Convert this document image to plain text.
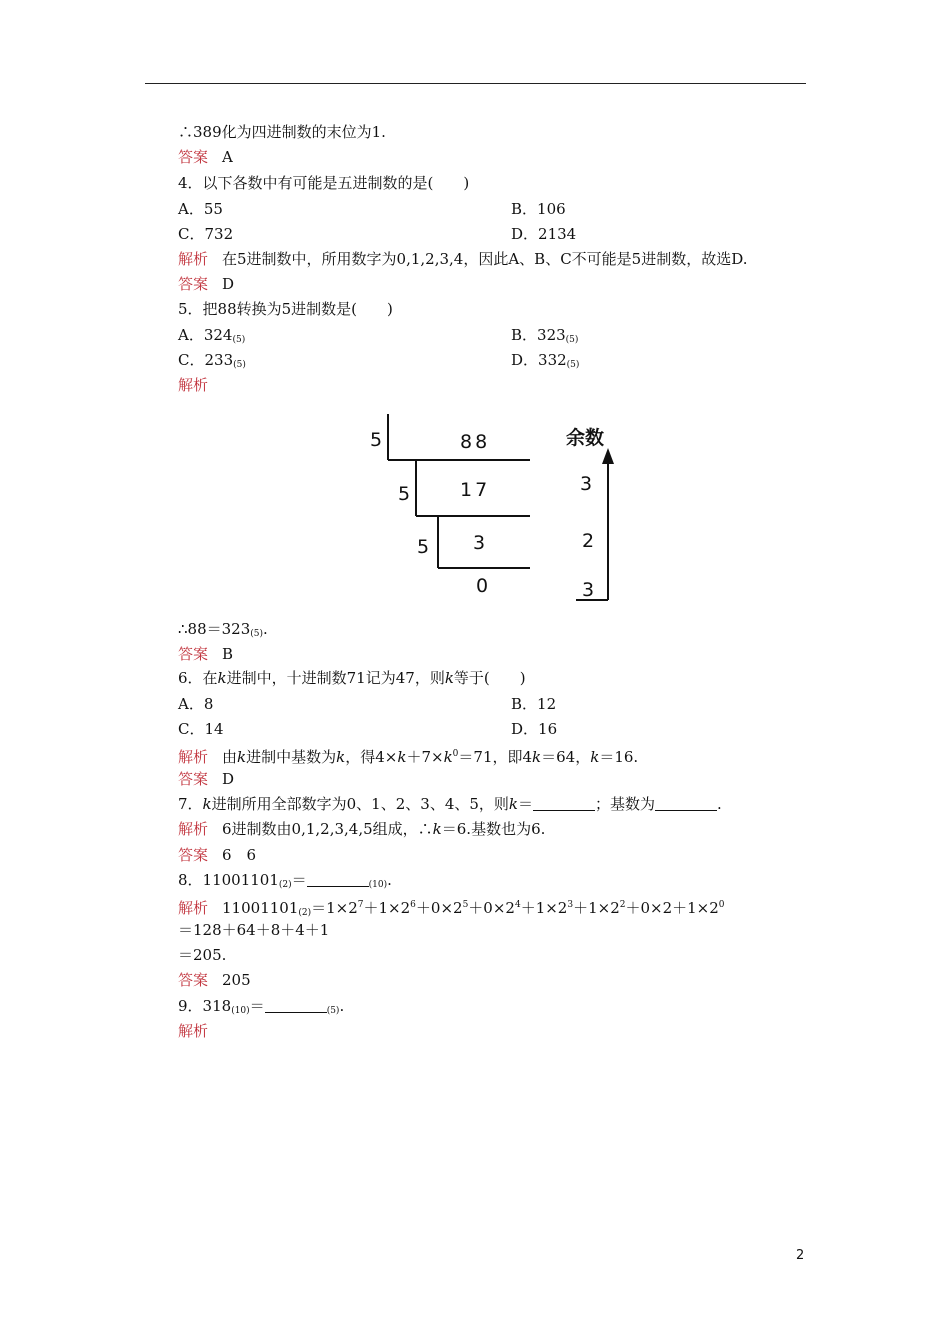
∴389化为四进制数的末位为1.
答案 A
4．以下各数中有可能是五进制数的是(　　)
A．55	B．106
C．732	D．2134
解析 在5进制数中，所用数字为0,1,2,3,4，因此A、B、C不可能是5进制数，故选D.
答案 D
5．把88转换为5进制数是(　　)
A．$324_{(5)}$	B．$323_{(5)}$
C．$233_{(5)}$	D．$332_{(5)}$
解析
5	88
5	17
5 3
0
余数
3
2
3
$\therefore 88=323_{(5)}$.
答案 B
6．在k进制中，十进制数71记为47，则k等于(　　)
A．8	B．12
C．14	D．16
解析 由k进制中基数为k，得$4\times k+7\times k^0=71$，即4k＝64，k＝16.
答案 D
7．k进制所用全部数字为0、1、2、3、4、5，则k＝	；基数为	.
解析 6进制数由0,1,2,3,4,5组成，∴k＝6.基数也为6.
答案 6　6
8．$11001101_{(2)}=$	$_{(10)}$.
解析 $11001101_{(2)}=1\times 2^7+1\times 2^6+0\times 2^5+0\times 2^4+1\times 2^3+1\times 2^2+0\times 2+1\times 2^0$
＝128＋64＋8＋4＋1
＝205.
答案 205
9．$318_{(10)}=$	$_{(5)}$.
解析
2
